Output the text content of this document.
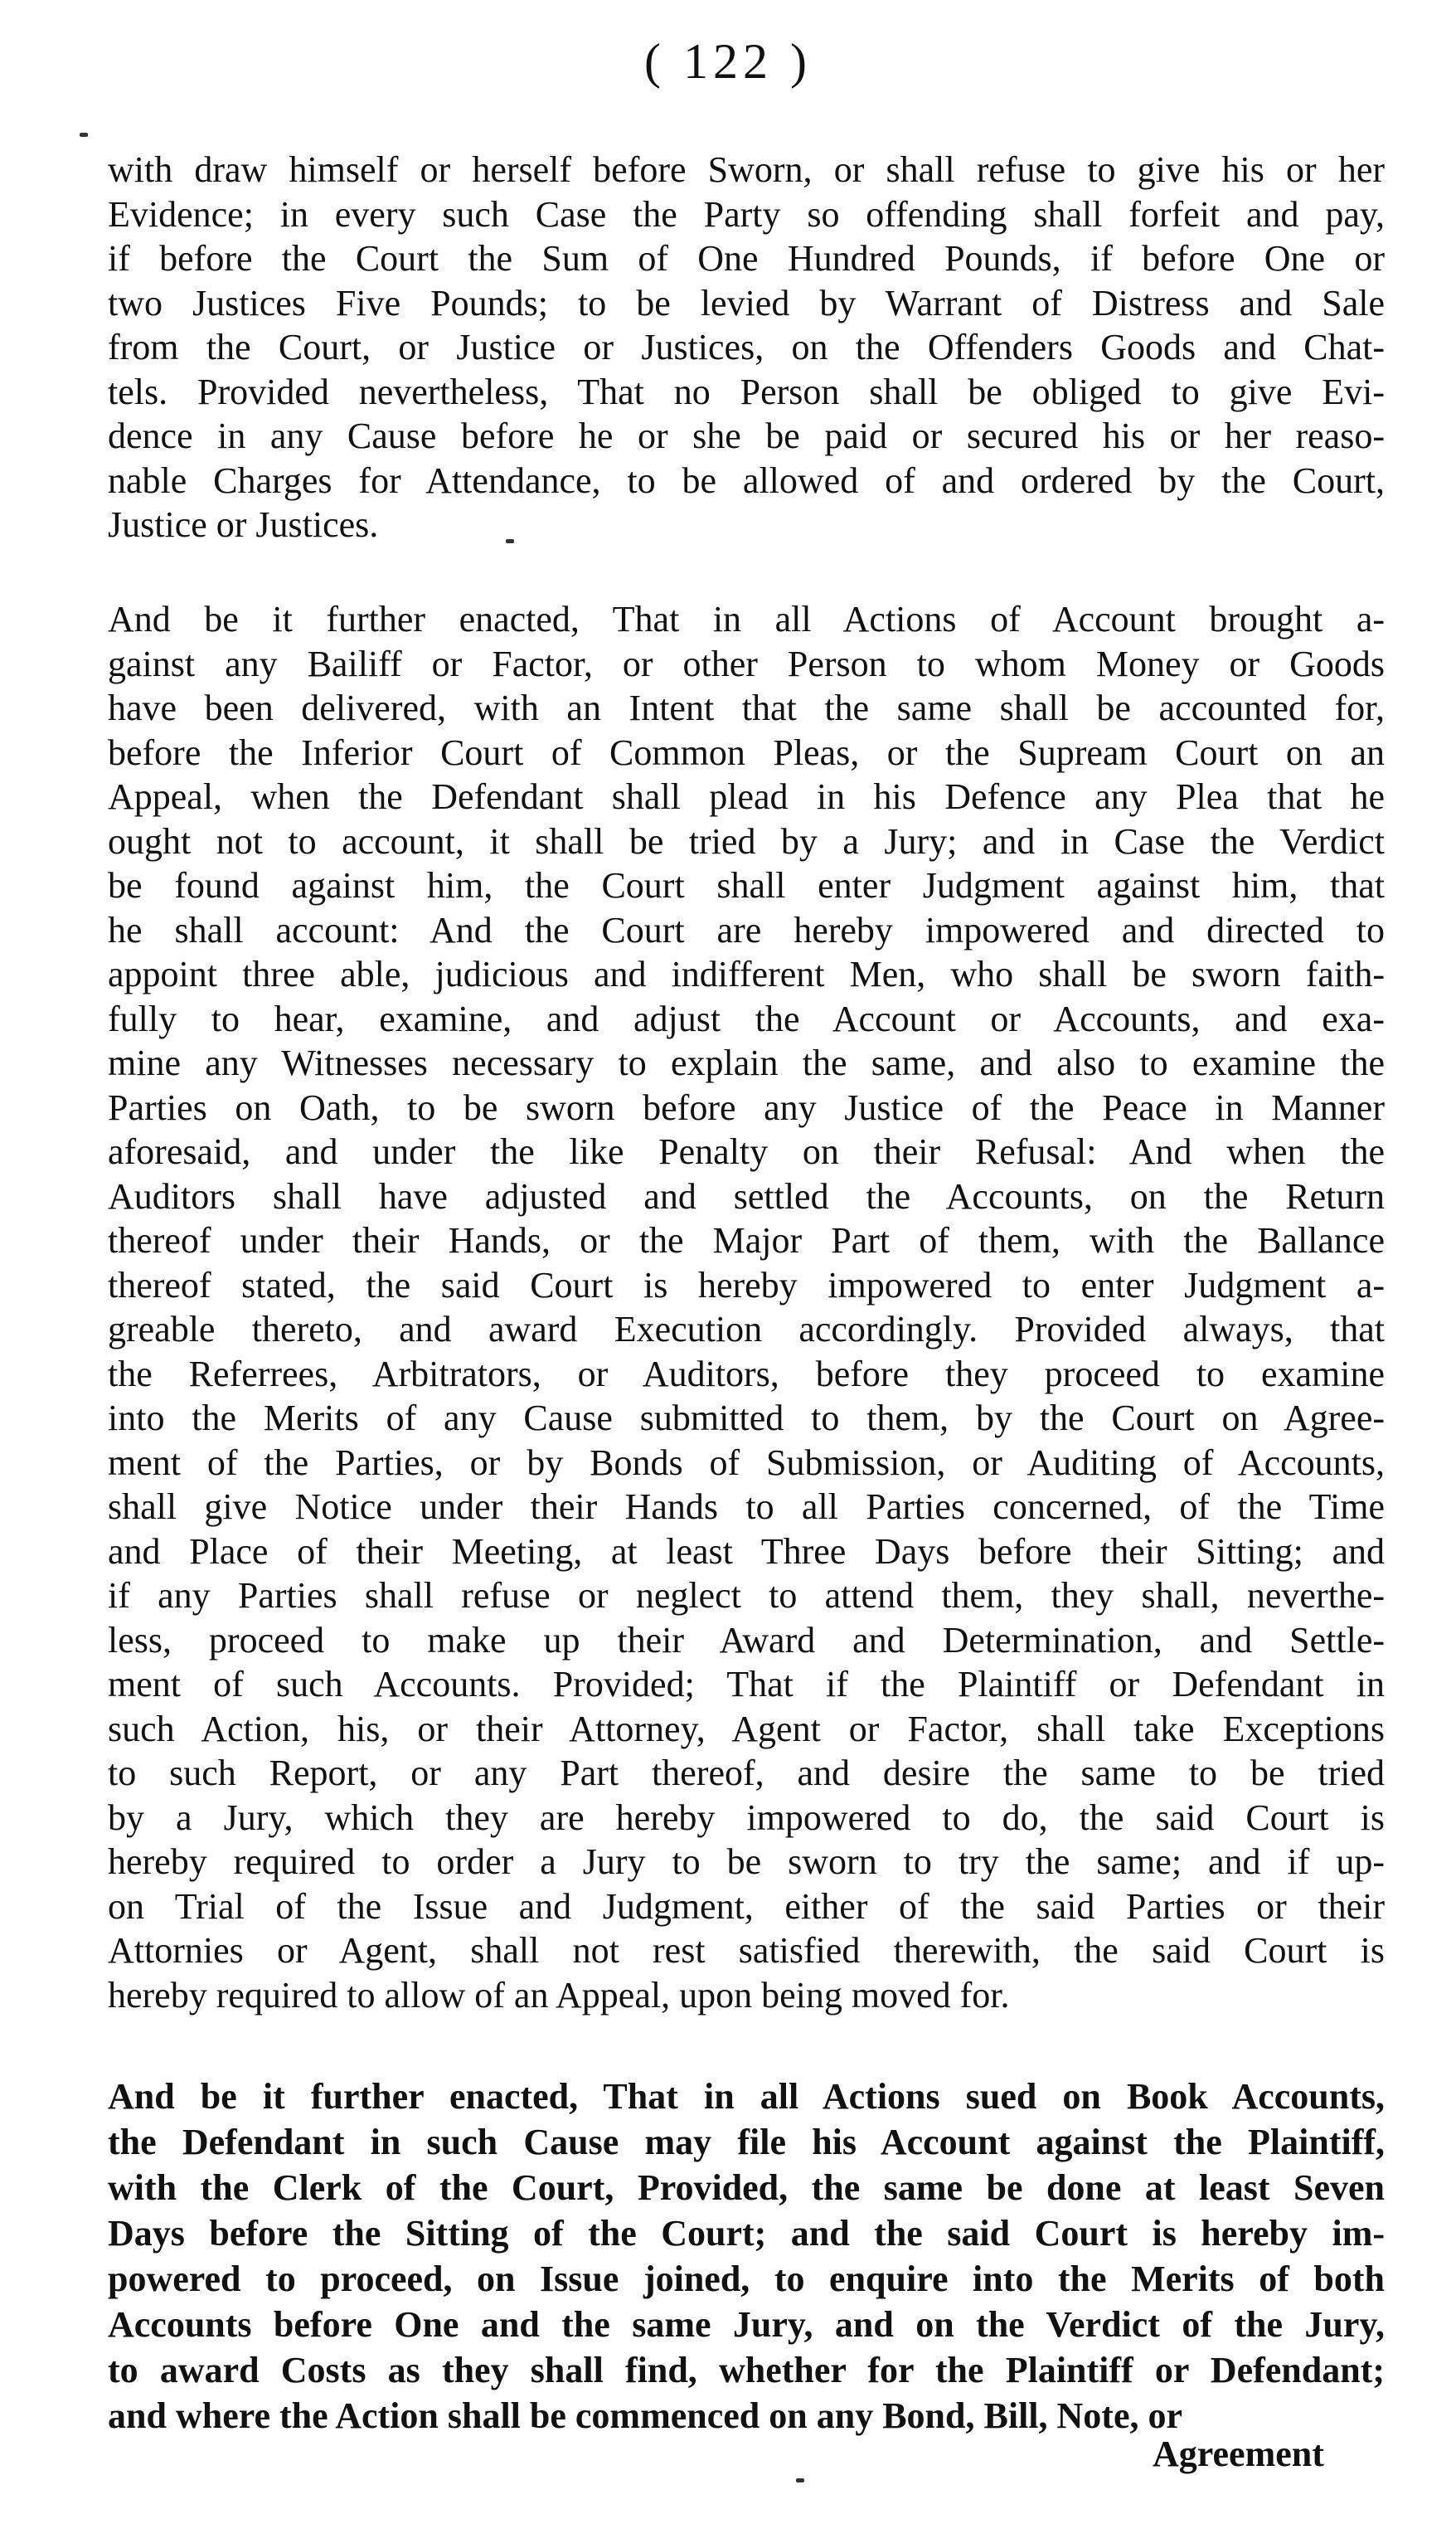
( 122 )
with draw himself or herself before Sworn, or shall refuse to give his or her
Evidence; in every such Case the Party so offending shall forfeit and pay,
if before the Court the Sum of One Hundred Pounds, if before One or
two Justices Five Pounds; to be levied by Warrant of Distress and Sale
from the Court, or Justice or Justices, on the Offenders Goods and Chat-
tels. Provided nevertheless, That no Person shall be obliged to give Evi-
dence in any Cause before he or she be paid or secured his or her reaso-
nable Charges for Attendance, to be allowed of and ordered by the Court,
Justice or Justices.
And be it further enacted, That in all Actions of Account brought a-
gainst any Bailiff or Factor, or other Person to whom Money or Goods
have been delivered, with an Intent that the same shall be accounted for,
before the Inferior Court of Common Pleas, or the Supream Court on an
Appeal, when the Defendant shall plead in his Defence any Plea that he
ought not to account, it shall be tried by a Jury; and in Case the Verdict
be found against him, the Court shall enter Judgment against him, that
he shall account: And the Court are hereby impowered and directed to
appoint three able, judicious and indifferent Men, who shall be sworn faith-
fully to hear, examine, and adjust the Account or Accounts, and exa-
mine any Witnesses necessary to explain the same, and also to examine the
Parties on Oath, to be sworn before any Justice of the Peace in Manner
aforesaid, and under the like Penalty on their Refusal: And when the
Auditors shall have adjusted and settled the Accounts, on the Return
thereof under their Hands, or the Major Part of them, with the Ballance
thereof stated, the said Court is hereby impowered to enter Judgment a-
greable thereto, and award Execution accordingly. Provided always, that
the Referrees, Arbitrators, or Auditors, before they proceed to examine
into the Merits of any Cause submitted to them, by the Court on Agree-
ment of the Parties, or by Bonds of Submission, or Auditing of Accounts,
shall give Notice under their Hands to all Parties concerned, of the Time
and Place of their Meeting, at least Three Days before their Sitting; and
if any Parties shall refuse or neglect to attend them, they shall, neverthe-
less, proceed to make up their Award and Determination, and Settle-
ment of such Accounts. Provided; That if the Plaintiff or Defendant in
such Action, his, or their Attorney, Agent or Factor, shall take Exceptions
to such Report, or any Part thereof, and desire the same to be tried
by a Jury, which they are hereby impowered to do, the said Court is
hereby required to order a Jury to be sworn to try the same; and if up-
on Trial of the Issue and Judgment, either of the said Parties or their
Attornies or Agent, shall not rest satisfied therewith, the said Court is
hereby required to allow of an Appeal, upon being moved for.
And be it further enacted, That in all Actions sued on Book Accounts,
the Defendant in such Cause may file his Account against the Plaintiff,
with the Clerk of the Court, Provided, the same be done at least Seven
Days before the Sitting of the Court; and the said Court is hereby im-
powered to proceed, on Issue joined, to enquire into the Merits of both
Accounts before One and the same Jury, and on the Verdict of the Jury,
to award Costs as they shall find, whether for the Plaintiff or Defendant;
and where the Action shall be commenced on any Bond, Bill, Note, or
Agreement
